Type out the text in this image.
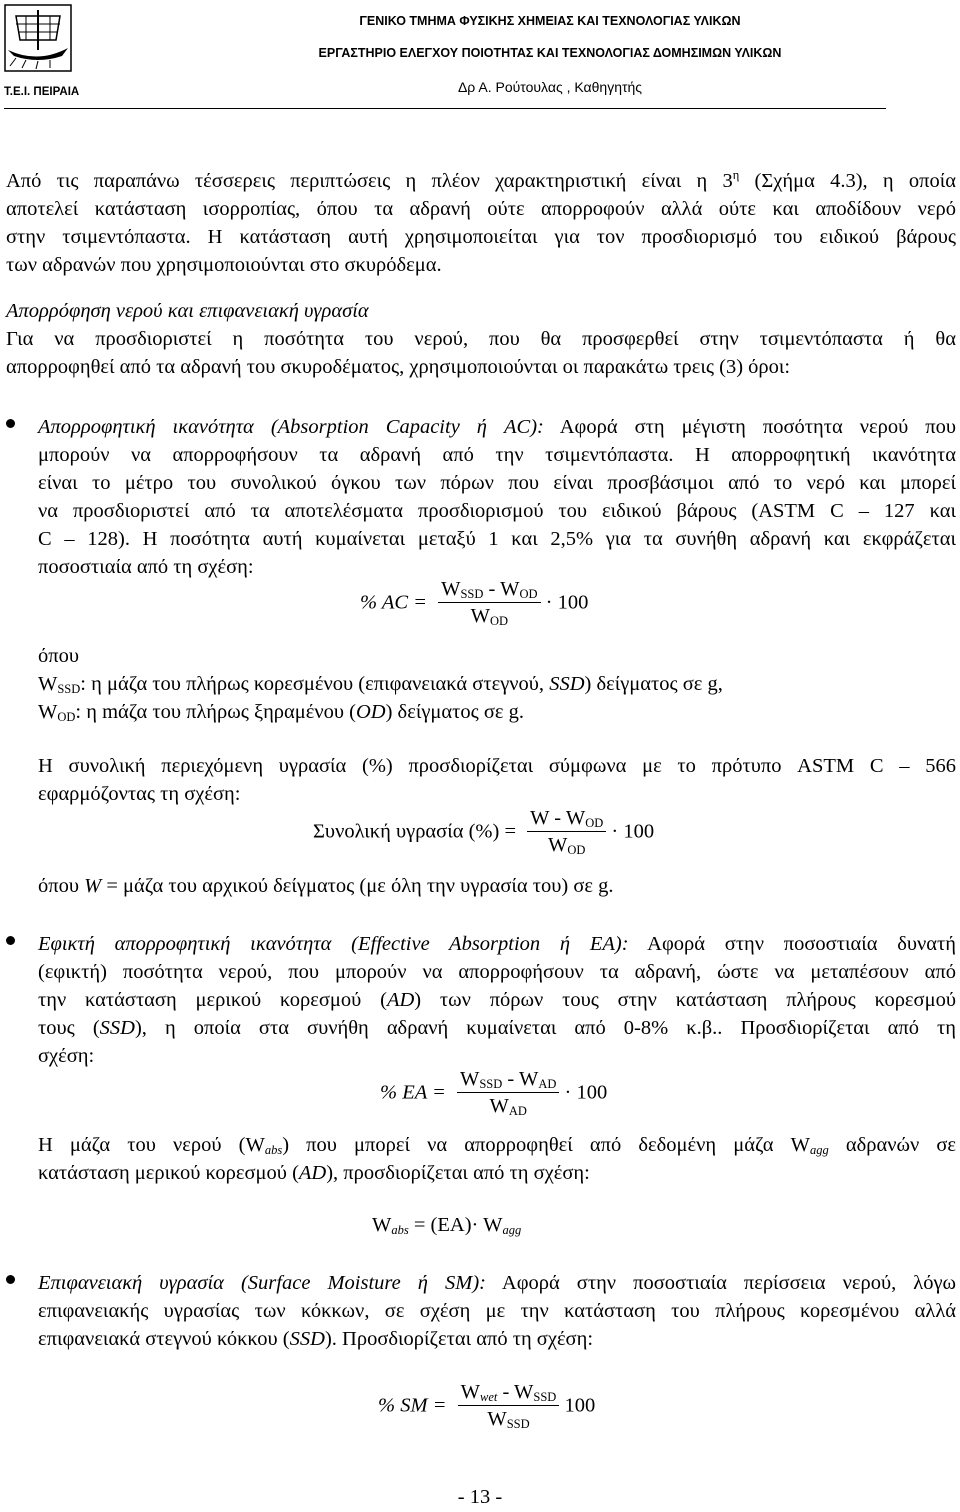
Τ.Ε.Ι. ΠΕΙΡΑΙΑ
ΓΕΝΙΚΟ ΤΜΗΜΑ ΦΥΣΙΚΗΣ ΧΗΜΕΙΑΣ ΚΑΙ ΤΕΧΝΟΛΟΓΙΑΣ ΥΛΙΚΩΝ
ΕΡΓΑΣΤΗΡΙΟ ΕΛΕΓΧΟΥ ΠΟΙΟΤΗΤΑΣ ΚΑΙ ΤΕΧΝΟΛΟΓΙΑΣ ΔΟΜΗΣΙΜΩΝ ΥΛΙΚΩΝ
Δρ Α. Ρούτουλας , Καθηγητής
Από τις παραπάνω τέσσερεις περιπτώσεις η πλέον χαρακτηριστική είναι η $3^\eta$ (Σχήμα 4.3), η οποία
αποτελεί κατάσταση ισορροπίας, όπου τα αδρανή ούτε απορροφούν αλλά ούτε και αποδίδουν νερό
στην τσιμεντόπαστα. Η κατάσταση αυτή χρησιμοποιείται για τον προσδιορισμό του ειδικού βάρους
των αδρανών που χρησιμοποιούνται στο σκυρόδεμα.
Απορρόφηση νερού και επιφανειακή υγρασία
Για να προσδιοριστεί η ποσότητα του νερού, που θα προσφερθεί στην τσιμεντόπαστα ή θα
απορροφηθεί από τα αδρανή του σκυροδέματος, χρησιμοποιούνται οι παρακάτω τρεις (3) όροι:
Απορροφητική ικανότητα (Absorption Capacity ή AC): Αφορά στη μέγιστη ποσότητα νερού που
μπορούν να απορροφήσουν τα αδρανή από την τσιμεντόπαστα. Η απορροφητική ικανότητα
είναι το μέτρο του συνολικού όγκου των πόρων που είναι προσβάσιμοι από το νερό και μπορεί
να προσδιοριστεί από τα αποτελέσματα προσδιορισμού του ειδικού βάρους (ASTM C – 127 και
C – 128). Η ποσότητα αυτή κυμαίνεται μεταξύ 1 και 2,5% για τα συνήθη αδρανή και εκφράζεται
ποσοστιαία από τη σχέση:
% AC = $\frac{W_{SSD} - W_{OD}}{W_{OD}} \cdot 100$
όπου
$W_{SSD}$: η μάζα του πλήρως κορεσμένου (επιφανειακά στεγνού, SSD) δείγματος σε g,
$W_{OD}$: η mάζα του πλήρως ξηραμένου (OD) δείγματος σε g.
Η συνολική περιεχόμενη υγρασία (%) προσδιορίζεται σύμφωνα με το πρότυπο ASTM C – 566
εφαρμόζοντας τη σχέση:
Συνολική υγρασία (%) = $\frac{W - W_{OD}}{W_{OD}} \cdot 100$
όπου W = μάζα του αρχικού δείγματος (με όλη την υγρασία του) σε g.
Εφικτή απορροφητική ικανότητα (Effective Absorption ή EA): Αφορά στην ποσοστιαία δυνατή
(εφικτή) ποσότητα νερού, που μπορούν να απορροφήσουν τα αδρανή, ώστε να μεταπέσουν από
την κατάσταση μερικού κορεσμού (AD) των πόρων τους στην κατάσταση πλήρους κορεσμού
τους (SSD), η οποία στα συνήθη αδρανή κυμαίνεται από 0-8% κ.β.. Προσδιορίζεται από τη
σχέση:
% EA = $\frac{W_{SSD} - W_{AD}}{W_{AD}} \cdot 100$
Η μάζα του νερού $(W_{abs})$ που μπορεί να απορροφηθεί από δεδομένη μάζα $W_{agg}$ αδρανών σε
κατάσταση μερικού κορεσμού (AD), προσδιορίζεται από τη σχέση:
$W_{abs} = (EA)\cdot W_{agg}$
Επιφανειακή υγρασία (Surface Moisture ή SM): Αφορά στην ποσοστιαία περίσσεια νερού, λόγω
επιφανειακής υγρασίας των κόκκων, σε σχέση με την κατάσταση του πλήρους κορεσμένου αλλά
επιφανειακά στεγνού κόκκου (SSD). Προσδιορίζεται από τη σχέση:
% SM = $\frac{W_{wet} - W_{SSD}}{W_{SSD}} 100$
- 13 -
